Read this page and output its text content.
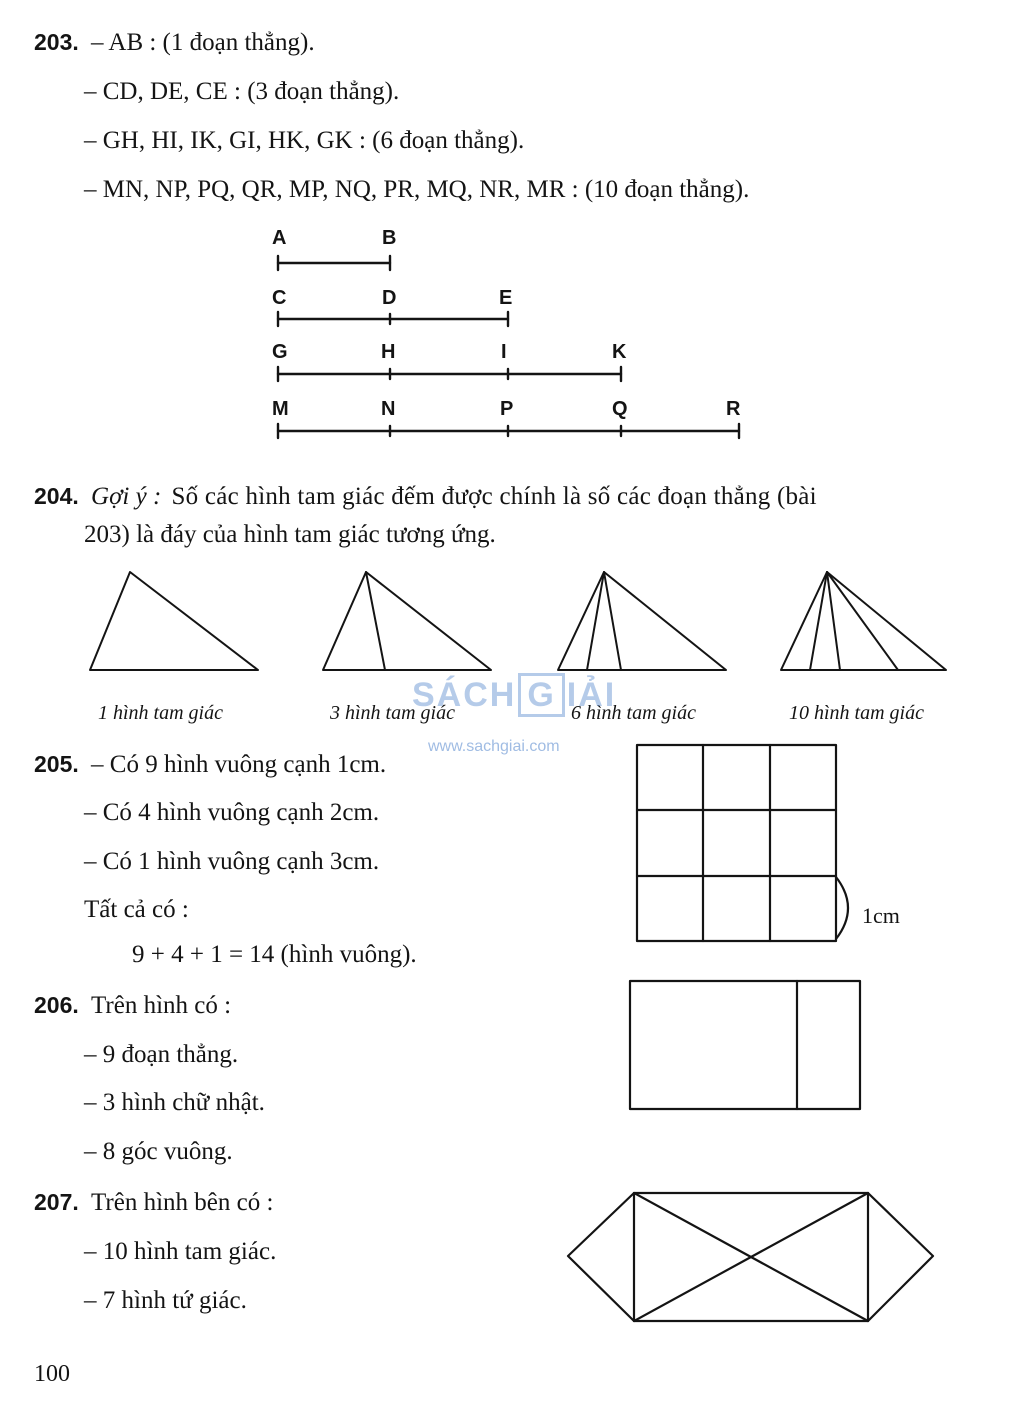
203. – AB : (1 đoạn thẳng).
– CD, DE, CE : (3 đoạn thẳng).
– GH, HI, IK, GI, HK, GK : (6 đoạn thẳng).
– MN, NP, PQ, QR, MP, NQ, PR, MQ, NR, MR : (10 đoạn thẳng).
A	B
C	D	E
G	H	I	K
M	N	P	Q	R
204. Gợi ý : Số các hình tam giác đếm được chính là số các đoạn thẳng (bài
203) là đáy của hình tam giác tương ứng.
1 hình tam giác	3 hình tam giác	6 hình tam giác	10 hình tam giác
SÁCH G IẢI
www.sachgiai.com
205. – Có 9 hình vuông cạnh 1cm.
– Có 4 hình vuông cạnh 2cm.
– Có 1 hình vuông cạnh 3cm.
Tất cả có :
9 + 4 + 1 = 14 (hình vuông).
1cm
206. Trên hình có :
– 9 đoạn thẳng.
– 3 hình chữ nhật.
– 8 góc vuông.
207. Trên hình bên có :
– 10 hình tam giác.
– 7 hình tứ giác.
100
